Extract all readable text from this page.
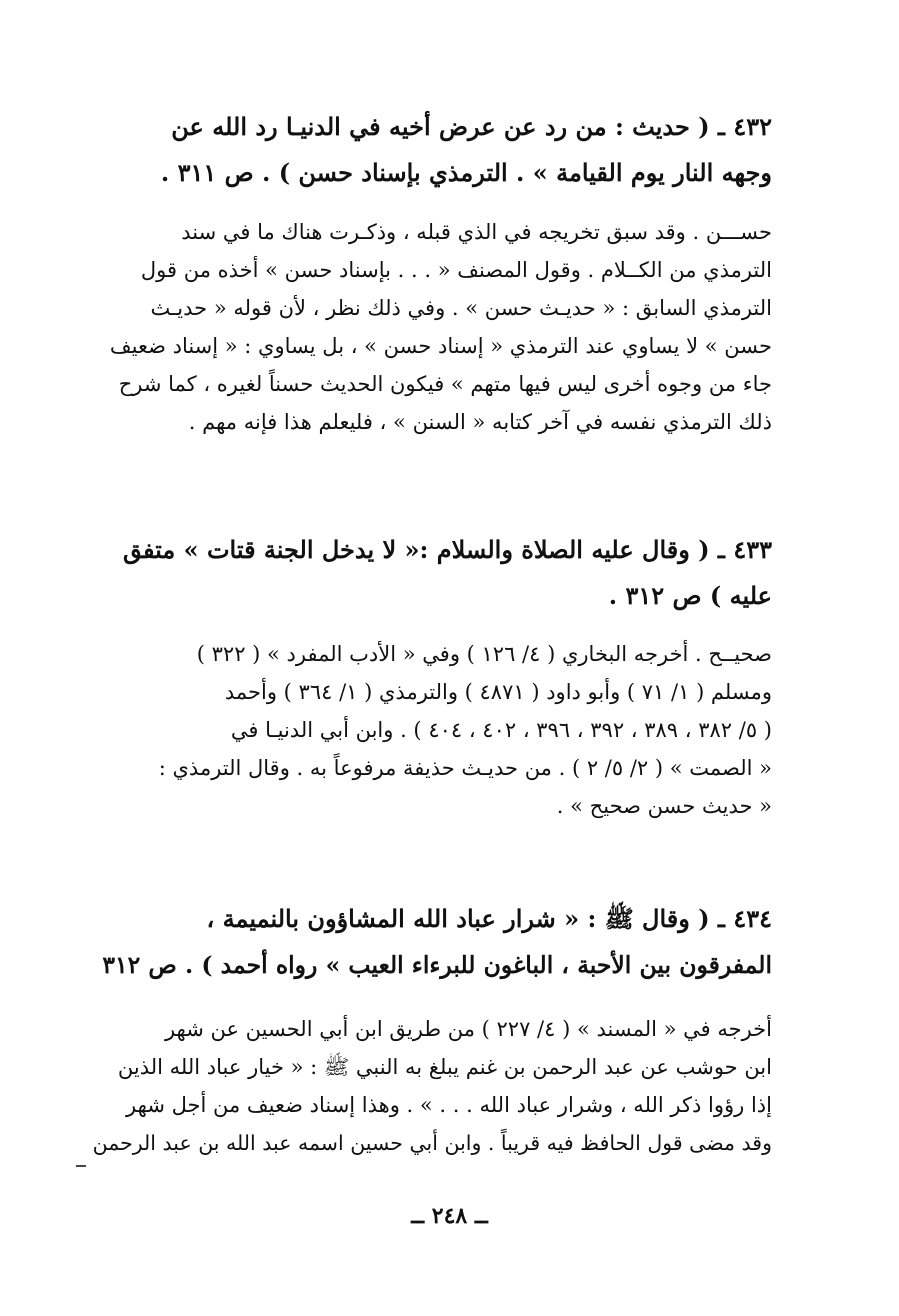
٤٣٢ ـ ( حديث : من رد عن عرض أخيه في الدنيـا رد الله عن
وجهه النار يوم القيامة » . الترمذي بإسناد حسن ) . ص ٣١١ .
حســـن . وقد سبق تخريجه في الذي قبله ، وذكـرت هناك ما في سند
الترمذي من الكــلام . وقول المصنف « . . . بإسناد حسن » أخذه من قول
الترمذي السابق : « حديـث حسن » . وفي ذلك نظر ، لأن قوله « حديـث
حسن » لا يساوي عند الترمذي « إسناد حسن » ، بل يساوي : « إسناد ضعيف
جاء من وجوه أخرى ليس فيها متهم » فيكون الحديث حسناً لغيره ، كما شرح
ذلك الترمذي نفسه في آخر كتابه « السنن » ، فليعلم هذا فإنه مهم .
٤٣٣ ـ ( وقال عليه الصلاة والسلام :« لا يدخل الجنة قتات » متفق
عليه ) ص ٣١٢ .
صحيــح . أخرجه البخاري ( ٤/ ١٢٦ ) وفي « الأدب المفرد » ( ٣٢٢ )
ومسلم ( ١/ ٧١ ) وأبو داود ( ٤٨٧١ ) والترمذي ( ١/ ٣٦٤ ) وأحمد
( ٥/ ٣٨٢ ، ٣٨٩ ، ٣٩٢ ، ٣٩٦ ، ٤٠٢ ، ٤٠٤ ) . وابن أبي الدنيـا في
« الصمت » ( ٢/ ٥/ ٢ ) . من حديـث حذيفة مرفوعاً به . وقال الترمذي :
« حديث حسن صحيح » .
٤٣٤ ـ ( وقال ﷺ : « شرار عباد الله المشاؤون بالنميمة ،
المفرقون بين الأحبة ، الباغون للبرءاء العيب » رواه أحمد ) . ص ٣١٢
أخرجه في « المسند » ( ٤/ ٢٢٧ ) من طريق ابن أبي الحسين عن شهر
ابن حوشب عن عبد الرحمن بن غنم يبلغ به النبي ﷺ : « خيار عباد الله الذين
إذا رؤوا ذكر الله ، وشرار عباد الله . . . » . وهذا إسناد ضعيف من أجل شهر
وقد مضى قول الحافظ فيه قريباً . وابن أبي حسين اسمه عبد الله بن عبد الرحمن
ــ ٢٤٨ ــ
